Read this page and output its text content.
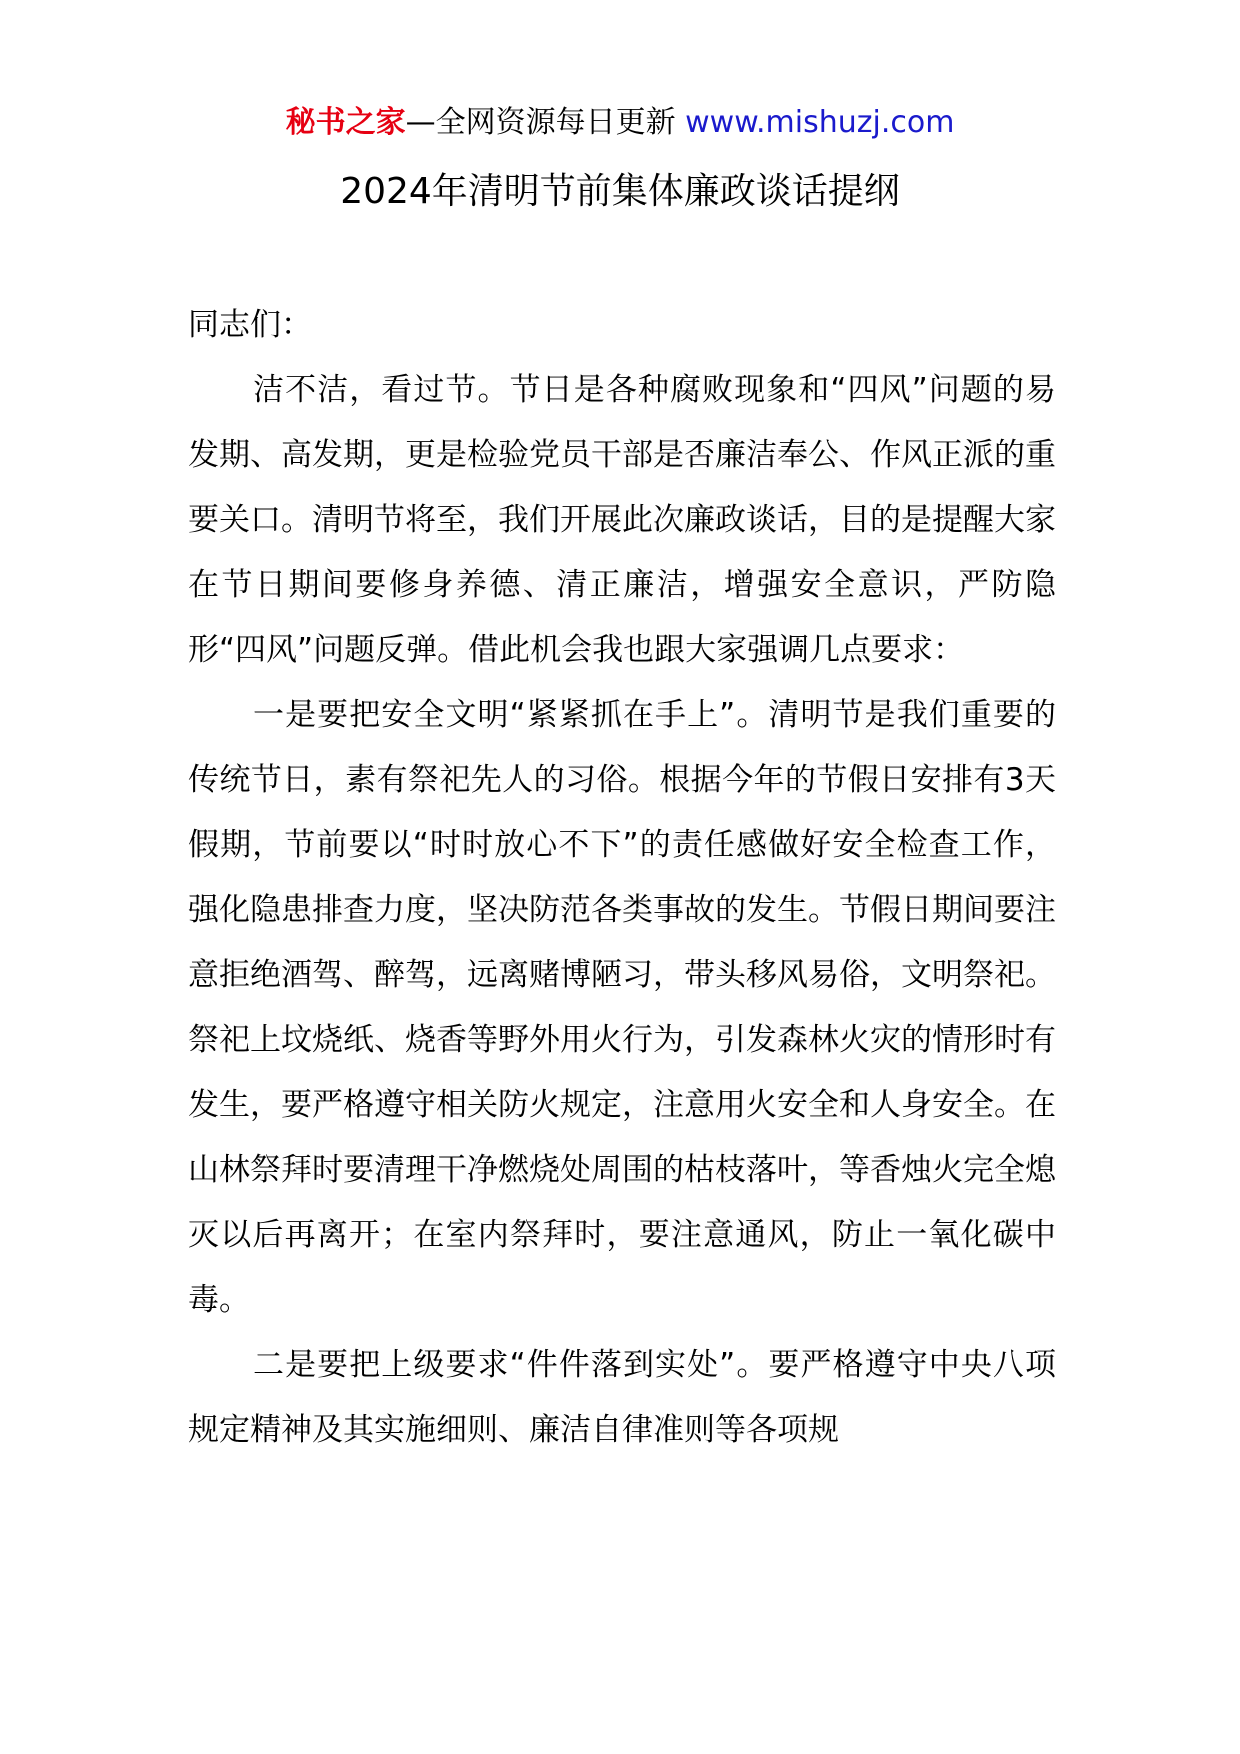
秘书之家—全网资源每日更新 www.mishuzj.com
2024年清明节前集体廉政谈话提纲

同志们：

洁不洁，看过节。节日是各种腐败现象和“四风”问题的易发期、高发期，更是检验党员干部是否廉洁奉公、作风正派的重要关口。清明节将至，我们开展此次廉政谈话，目的是提醒大家在节日期间要修身养德、清正廉洁，增强安全意识，严防隐形“四风”问题反弹。借此机会我也跟大家强调几点要求：

一是要把安全文明“紧紧抓在手上”。清明节是我们重要的传统节日，素有祭祀先人的习俗。根据今年的节假日安排有3天假期，节前要以“时时放心不下”的责任感做好安全检查工作，强化隐患排查力度，坚决防范各类事故的发生。节假日期间要注意拒绝酒驾、醉驾，远离赌博陋习，带头移风易俗，文明祭祀。祭祀上坟烧纸、烧香等野外用火行为，引发森林火灾的情形时有发生，要严格遵守相关防火规定，注意用火安全和人身安全。在山林祭拜时要清理干净燃烧处周围的枯枝落叶，等香烛火完全熄灭以后再离开；在室内祭拜时，要注意通风，防止一氧化碳中毒。

二是要把上级要求“件件落到实处”。要严格遵守中央八项规定精神及其实施细则、廉洁自律准则等各项规
